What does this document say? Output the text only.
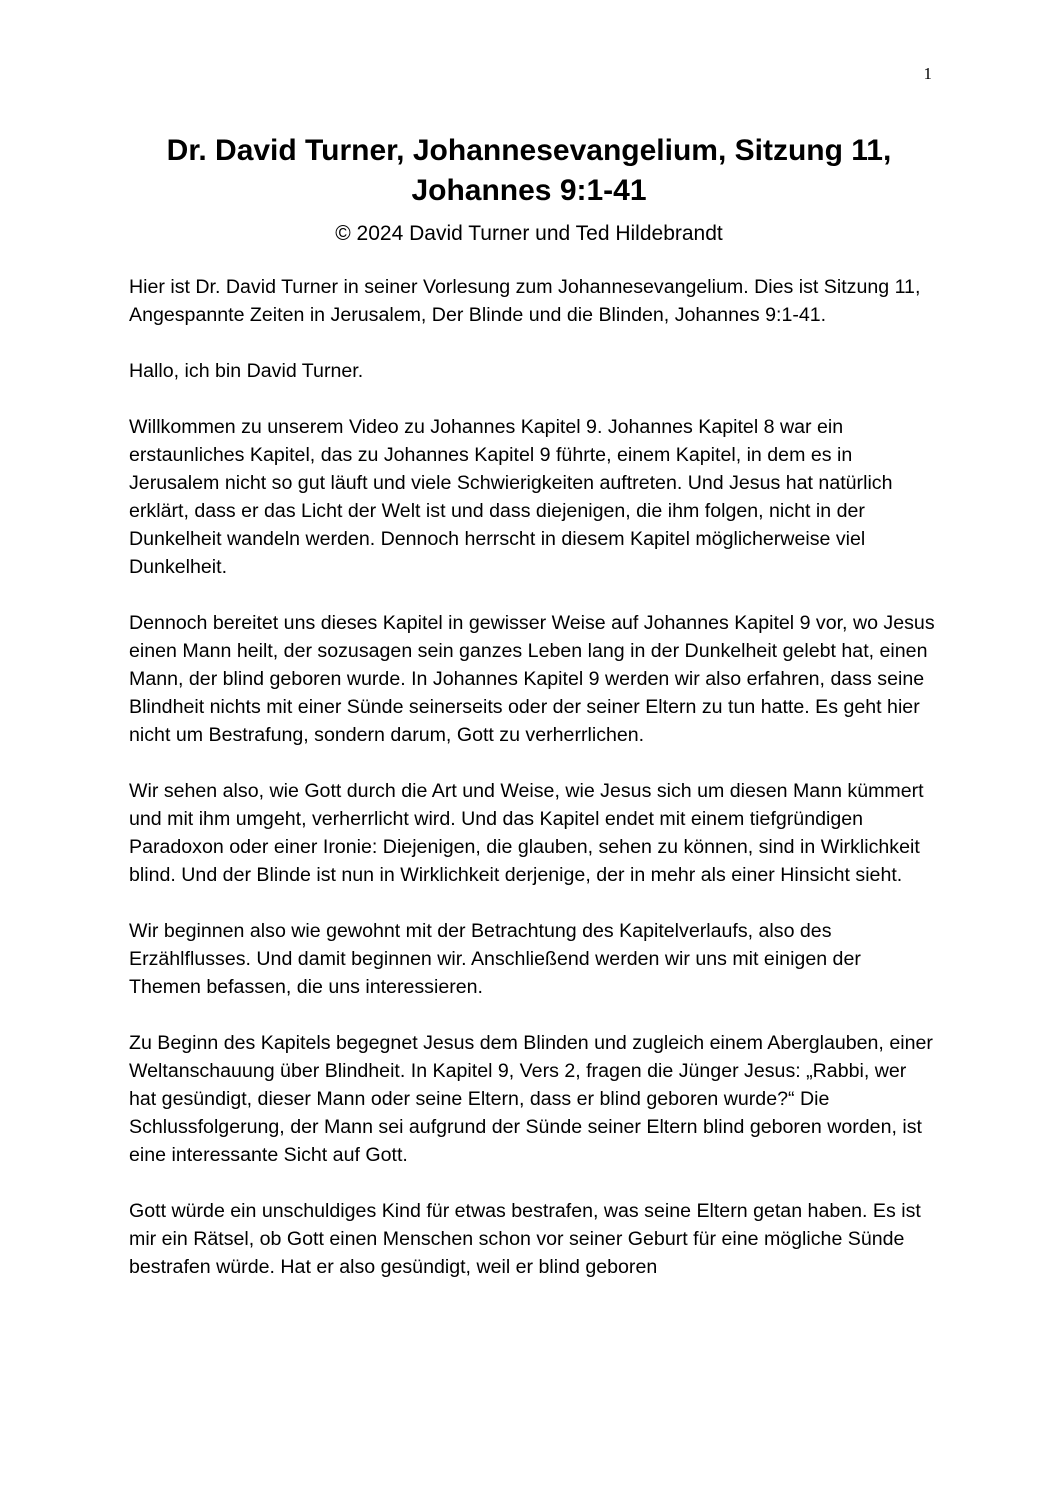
1
Dr. David Turner, Johannesevangelium, Sitzung 11, Johannes 9:1-41
© 2024 David Turner und Ted Hildebrandt

Hier ist Dr. David Turner in seiner Vorlesung zum Johannesevangelium. Dies ist Sitzung 11, Angespannte Zeiten in Jerusalem, Der Blinde und die Blinden, Johannes 9:1-41.

Hallo, ich bin David Turner.

Willkommen zu unserem Video zu Johannes Kapitel 9. Johannes Kapitel 8 war ein erstaunliches Kapitel, das zu Johannes Kapitel 9 führte, einem Kapitel, in dem es in Jerusalem nicht so gut läuft und viele Schwierigkeiten auftreten. Und Jesus hat natürlich erklärt, dass er das Licht der Welt ist und dass diejenigen, die ihm folgen, nicht in der Dunkelheit wandeln werden. Dennoch herrscht in diesem Kapitel möglicherweise viel Dunkelheit.

Dennoch bereitet uns dieses Kapitel in gewisser Weise auf Johannes Kapitel 9 vor, wo Jesus einen Mann heilt, der sozusagen sein ganzes Leben lang in der Dunkelheit gelebt hat, einen Mann, der blind geboren wurde. In Johannes Kapitel 9 werden wir also erfahren, dass seine Blindheit nichts mit einer Sünde seinerseits oder der seiner Eltern zu tun hatte. Es geht hier nicht um Bestrafung, sondern darum, Gott zu verherrlichen.

Wir sehen also, wie Gott durch die Art und Weise, wie Jesus sich um diesen Mann kümmert und mit ihm umgeht, verherrlicht wird. Und das Kapitel endet mit einem tiefgründigen Paradoxon oder einer Ironie: Diejenigen, die glauben, sehen zu können, sind in Wirklichkeit blind. Und der Blinde ist nun in Wirklichkeit derjenige, der in mehr als einer Hinsicht sieht.

Wir beginnen also wie gewohnt mit der Betrachtung des Kapitelverlaufs, also des Erzählflusses. Und damit beginnen wir. Anschließend werden wir uns mit einigen der Themen befassen, die uns interessieren.

Zu Beginn des Kapitels begegnet Jesus dem Blinden und zugleich einem Aberglauben, einer Weltanschauung über Blindheit. In Kapitel 9, Vers 2, fragen die Jünger Jesus: „Rabbi, wer hat gesündigt, dieser Mann oder seine Eltern, dass er blind geboren wurde?“ Die Schlussfolgerung, der Mann sei aufgrund der Sünde seiner Eltern blind geboren worden, ist eine interessante Sicht auf Gott.

Gott würde ein unschuldiges Kind für etwas bestrafen, was seine Eltern getan haben. Es ist mir ein Rätsel, ob Gott einen Menschen schon vor seiner Geburt für eine mögliche Sünde bestrafen würde. Hat er also gesündigt, weil er blind geboren
